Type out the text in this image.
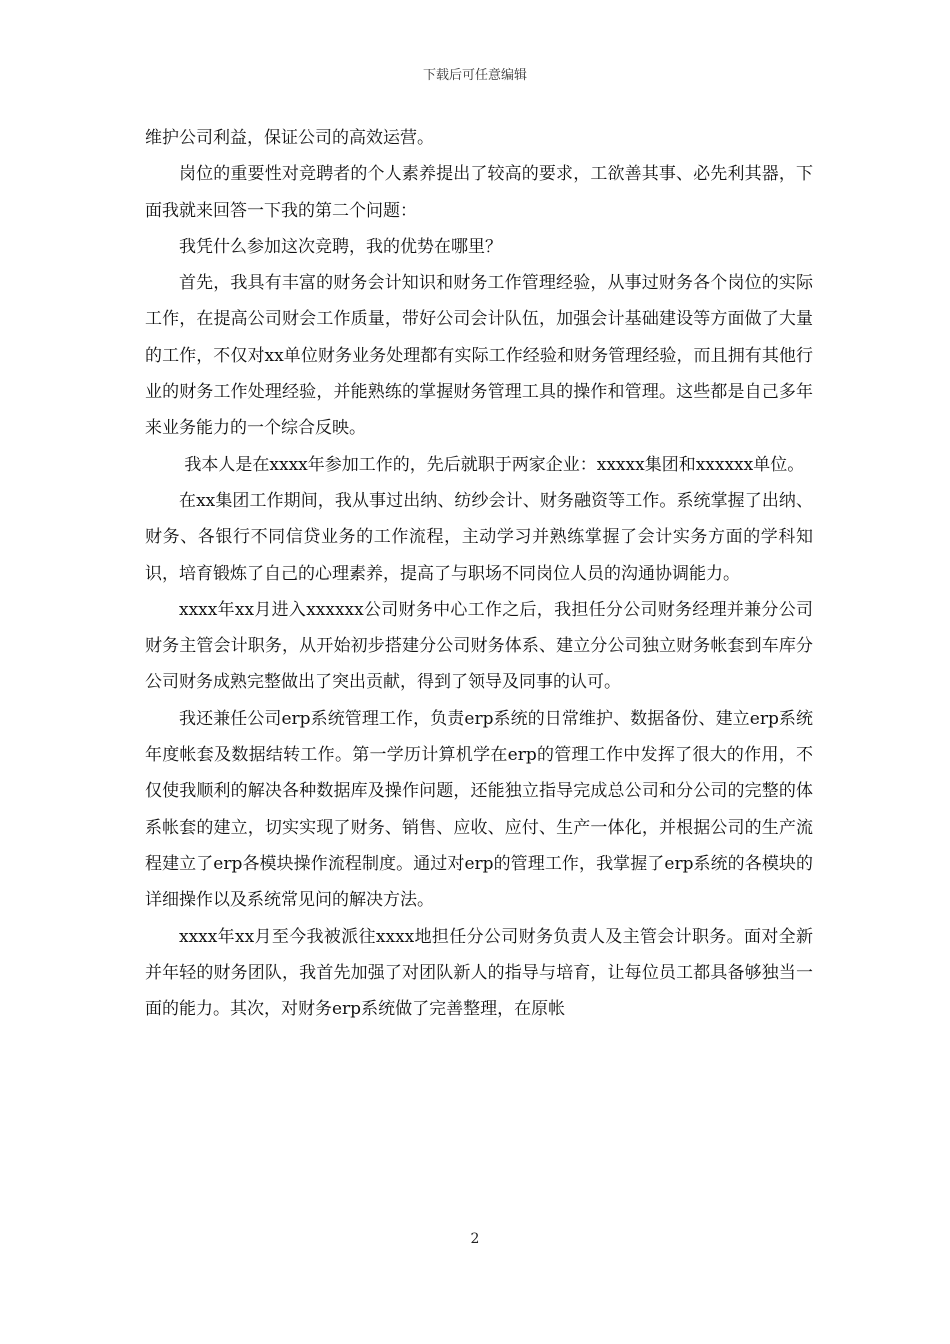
下载后可任意编辑

维护公司利益，保证公司的高效运营。

岗位的重要性对竞聘者的个人素养提出了较高的要求，工欲善其事、必先利其器，下面我就来回答一下我的第二个问题：

我凭什么参加这次竞聘，我的优势在哪里？

首先，我具有丰富的财务会计知识和财务工作管理经验，从事过财务各个岗位的实际工作，在提高公司财会工作质量，带好公司会计队伍，加强会计基础建设等方面做了大量的工作，不仅对xx单位财务业务处理都有实际工作经验和财务管理经验，而且拥有其他行业的财务工作处理经验，并能熟练的掌握财务管理工具的操作和管理。这些都是自己多年来业务能力的一个综合反映。

我本人是在xxxx年参加工作的，先后就职于两家企业：xxxxx集团和xxxxxx单位。

在xx集团工作期间，我从事过出纳、纺纱会计、财务融资等工作。系统掌握了出纳、财务、各银行不同信贷业务的工作流程，主动学习并熟练掌握了会计实务方面的学科知识，培育锻炼了自己的心理素养，提高了与职场不同岗位人员的沟通协调能力。

xxxx年xx月进入xxxxxx公司财务中心工作之后，我担任分公司财务经理并兼分公司财务主管会计职务，从开始初步搭建分公司财务体系、建立分公司独立财务帐套到车库分公司财务成熟完整做出了突出贡献，得到了领导及同事的认可。

我还兼任公司erp系统管理工作，负责erp系统的日常维护、数据备份、建立erp系统年度帐套及数据结转工作。第一学历计算机学在erp的管理工作中发挥了很大的作用，不仅使我顺利的解决各种数据库及操作问题，还能独立指导完成总公司和分公司的完整的体系帐套的建立，切实实现了财务、销售、应收、应付、生产一体化，并根据公司的生产流程建立了erp各模块操作流程制度。通过对erp的管理工作，我掌握了erp系统的各模块的详细操作以及系统常见问的解决方法。

xxxx年xx月至今我被派往xxxx地担任分公司财务负责人及主管会计职务。面对全新并年轻的财务团队，我首先加强了对团队新人的指导与培育，让每位员工都具备够独当一面的能力。其次，对财务erp系统做了完善整理，在原帐

2
